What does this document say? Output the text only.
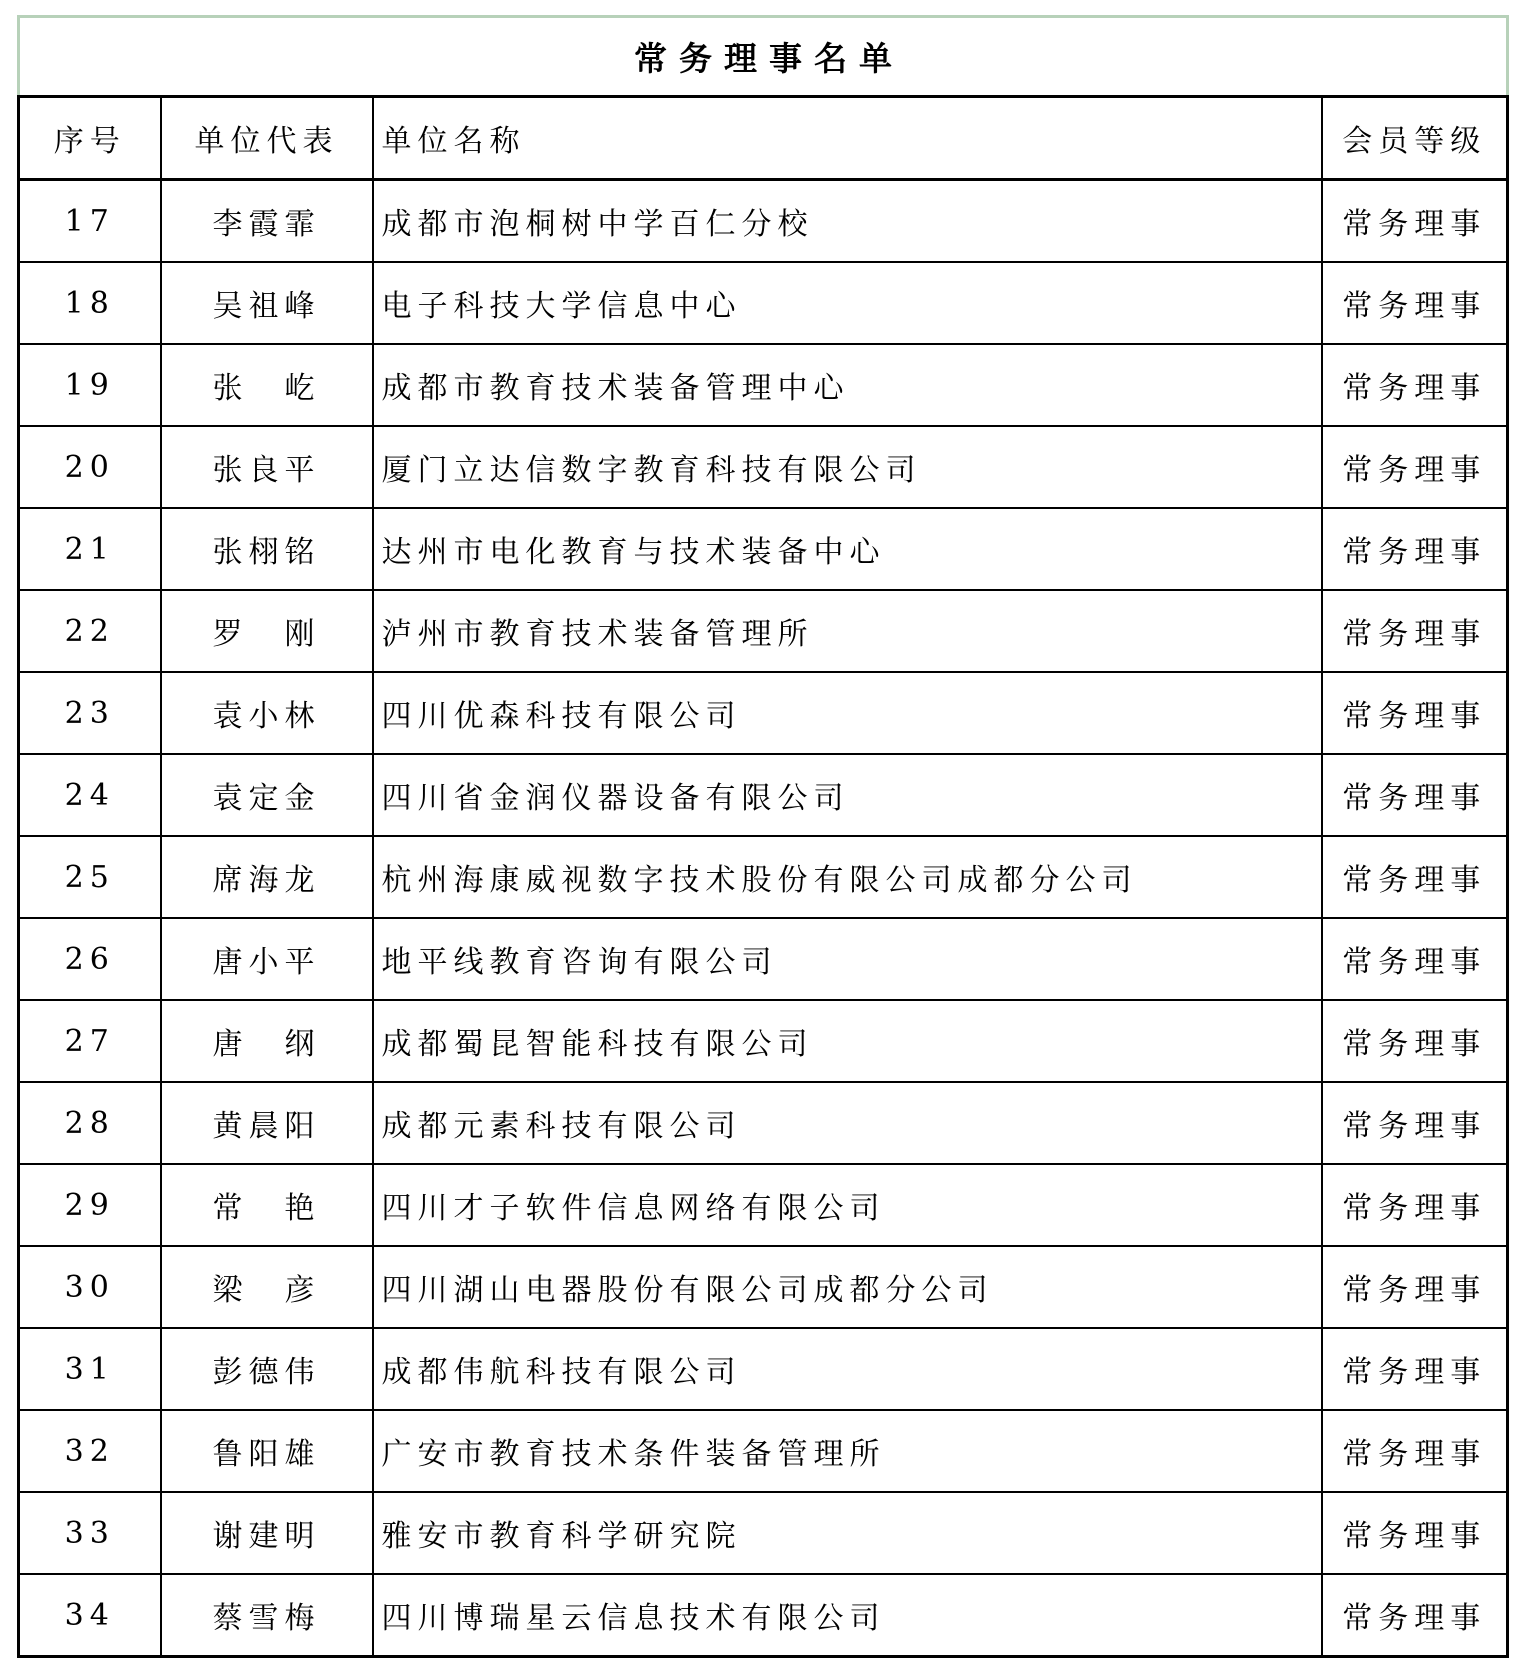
常务理事名单
序号	单位代表	单位名称	会员等级
17	李霞霏	成都市泡桐树中学百仁分校	常务理事
18	吴祖峰	电子科技大学信息中心	常务理事
19	张　屹	成都市教育技术装备管理中心	常务理事
20	张良平	厦门立达信数字教育科技有限公司	常务理事
21	张栩铭	达州市电化教育与技术装备中心	常务理事
22	罗　刚	泸州市教育技术装备管理所	常务理事
23	袁小林	四川优森科技有限公司	常务理事
24	袁定金	四川省金润仪器设备有限公司	常务理事
25	席海龙	杭州海康威视数字技术股份有限公司成都分公司	常务理事
26	唐小平	地平线教育咨询有限公司	常务理事
27	唐　纲	成都蜀昆智能科技有限公司	常务理事
28	黄晨阳	成都元素科技有限公司	常务理事
29	常　艳	四川才子软件信息网络有限公司	常务理事
30	梁　彦	四川湖山电器股份有限公司成都分公司	常务理事
31	彭德伟	成都伟航科技有限公司	常务理事
32	鲁阳雄	广安市教育技术条件装备管理所	常务理事
33	谢建明	雅安市教育科学研究院	常务理事
34	蔡雪梅	四川博瑞星云信息技术有限公司	常务理事
